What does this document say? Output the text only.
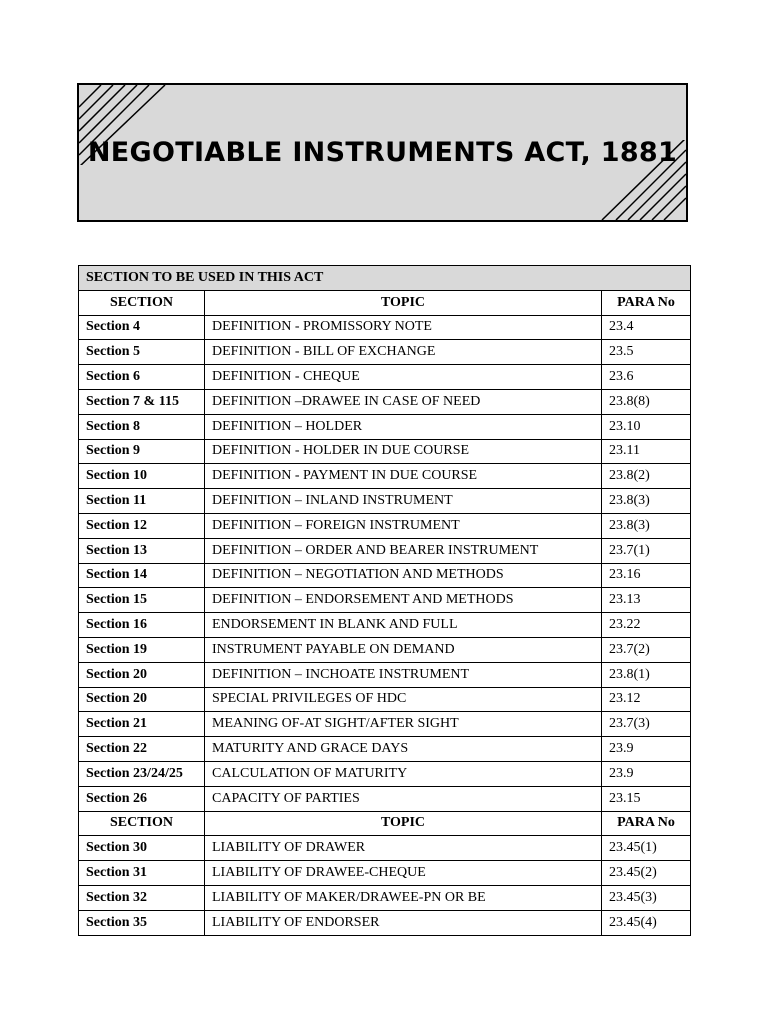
NEGOTIABLE INSTRUMENTS ACT, 1881
SECTION TO BE USED IN THIS ACT		
SECTION	TOPIC	PARA No
Section 4	DEFINITION - PROMISSORY NOTE	23.4
Section 5	DEFINITION - BILL OF EXCHANGE	23.5
Section 6	DEFINITION - CHEQUE	23.6
Section 7 & 115	DEFINITION –DRAWEE IN CASE OF NEED	23.8(8)
Section 8	DEFINITION – HOLDER	23.10
Section 9	DEFINITION - HOLDER IN DUE COURSE	23.11
Section 10	DEFINITION - PAYMENT IN DUE COURSE	23.8(2)
Section 11	DEFINITION – INLAND INSTRUMENT	23.8(3)
Section 12	DEFINITION – FOREIGN INSTRUMENT	23.8(3)
Section 13	DEFINITION – ORDER AND BEARER INSTRUMENT	23.7(1)
Section 14	DEFINITION – NEGOTIATION AND METHODS	23.16
Section 15	DEFINITION – ENDORSEMENT AND METHODS	23.13
Section 16	ENDORSEMENT IN BLANK AND FULL	23.22
Section 19	INSTRUMENT PAYABLE ON DEMAND	23.7(2)
Section 20	DEFINITION – INCHOATE INSTRUMENT	23.8(1)
Section 20	SPECIAL PRIVILEGES OF HDC	23.12
Section 21	MEANING OF-AT SIGHT/AFTER SIGHT	23.7(3)
Section 22	MATURITY AND GRACE DAYS	23.9
Section 23/24/25	CALCULATION OF MATURITY	23.9
Section 26	CAPACITY OF PARTIES	23.15
SECTION	TOPIC	PARA No
Section 30	LIABILITY OF DRAWER	23.45(1)
Section 31	LIABILITY OF DRAWEE-CHEQUE	23.45(2)
Section 32	LIABILITY OF MAKER/DRAWEE-PN OR BE	23.45(3)
Section 35	LIABILITY OF ENDORSER	23.45(4)
